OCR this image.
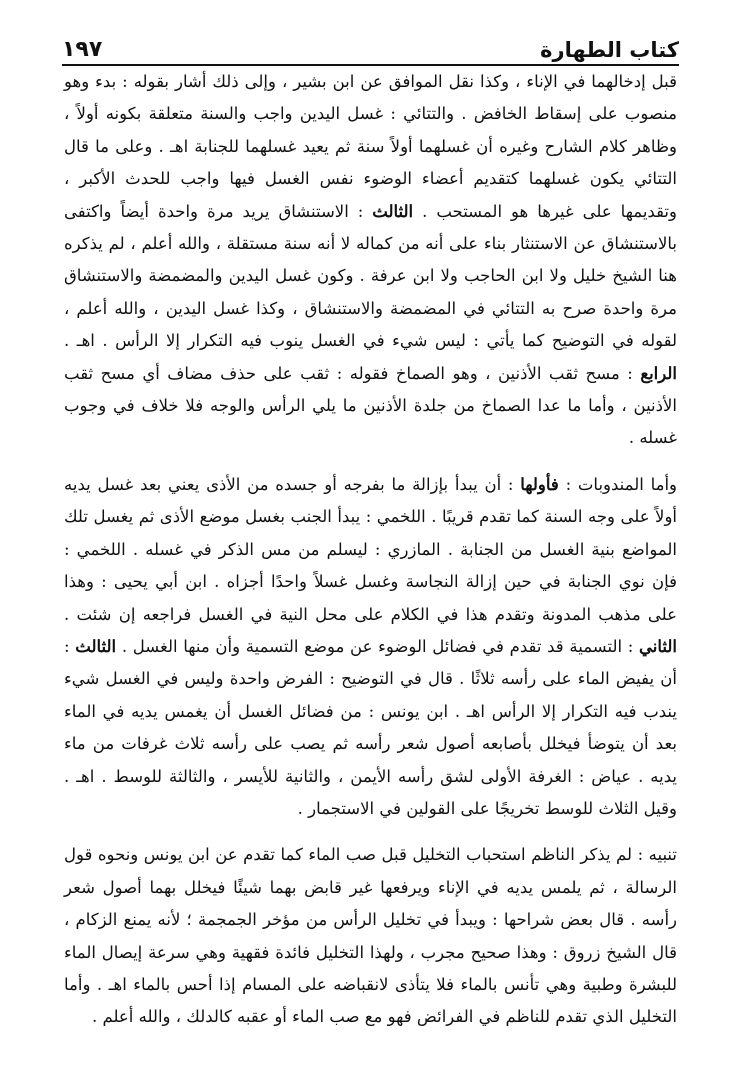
١٩٧	كتاب الطهارة

قبل إدخالهما في الإناء ، وكذا نقل الموافق عن ابن بشير ، وإلى ذلك أشار بقوله : بدء وهو منصوب على إسقاط الخافض . والتتائي : غسل اليدين واجب والسنة متعلقة بكونه أولاً ، وظاهر كلام الشارح وغيره أن غسلهما أولاً سنة ثم يعيد غسلهما للجنابة اهـ . وعلى ما قال التتائي يكون غسلهما كتقديم أعضاء الوضوء نفس الغسل فيها واجب للحدث الأكبر ، وتقديمها على غيرها هو المستحب . الثالث : الاستنشاق يريد مرة واحدة أيضاً واكتفى بالاستنشاق عن الاستنثار بناء على أنه من كماله لا أنه سنة مستقلة ، والله أعلم ، لم يذكره هنا الشيخ خليل ولا ابن الحاجب ولا ابن عرفة . وكون غسل اليدين والمضمضة والاستنشاق مرة واحدة صرح به التتائي في المضمضة والاستنشاق ، وكذا غسل اليدين ، والله أعلم ، لقوله في التوضيح كما يأتي : ليس شيء في الغسل ينوب فيه التكرار إلا الرأس . اهـ . الرابع : مسح ثقب الأذنين ، وهو الصماخ فقوله : ثقب على حذف مضاف أي مسح ثقب الأذنين ، وأما ما عدا الصماخ من جلدة الأذنين ما يلي الرأس والوجه فلا خلاف في وجوب غسله .

وأما المندوبات : فأولها : أن يبدأ بإزالة ما بفرجه أو جسده من الأذى يعني بعد غسل يديه أولاً على وجه السنة كما تقدم قريبًا . اللخمي : يبدأ الجنب بغسل موضع الأذى ثم يغسل تلك المواضع بنية الغسل من الجنابة . المازري : ليسلم من مس الذكر في غسله . اللخمي : فإن نوي الجنابة في حين إزالة النجاسة وغسل غسلاً واحدًا أجزاه . ابن أبي يحيى : وهذا على مذهب المدونة وتقدم هذا في الكلام على محل النية في الغسل فراجعه إن شئت . الثاني : التسمية قد تقدم في فضائل الوضوء عن موضع التسمية وأن منها الغسل . الثالث : أن يفيض الماء على رأسه ثلاثًا . قال في التوضيح : الفرض واحدة وليس في الغسل شيء يندب فيه التكرار إلا الرأس اهـ . ابن يونس : من فضائل الغسل أن يغمس يديه في الماء بعد أن يتوضأ فيخلل بأصابعه أصول شعر رأسه ثم يصب على رأسه ثلاث غرفات من ماء يديه . عياض : الغرفة الأولى لشق رأسه الأيمن ، والثانية للأيسر ، والثالثة للوسط . اهـ . وقيل الثلاث للوسط تخريجًا على القولين في الاستجمار .

تنبيه : لم يذكر الناظم استحباب التخليل قبل صب الماء كما تقدم عن ابن يونس ونحوه قول الرسالة ، ثم يلمس يديه في الإناء ويرفعها غير قابض بهما شيئًا فيخلل بهما أصول شعر رأسه . قال بعض شراحها : ويبدأ في تخليل الرأس من مؤخر الجمجمة ؛ لأنه يمنع الزكام ، قال الشيخ زروق : وهذا صحيح مجرب ، ولهذا التخليل فائدة فقهية وهي سرعة إيصال الماء للبشرة وطبية وهي تأنس بالماء فلا يتأذى لانقباضه على المسام إذا أحس بالماء اهـ . وأما التخليل الذي تقدم للناظم في الفرائض فهو مع صب الماء أو عقبه كالدلك ، والله أعلم .
